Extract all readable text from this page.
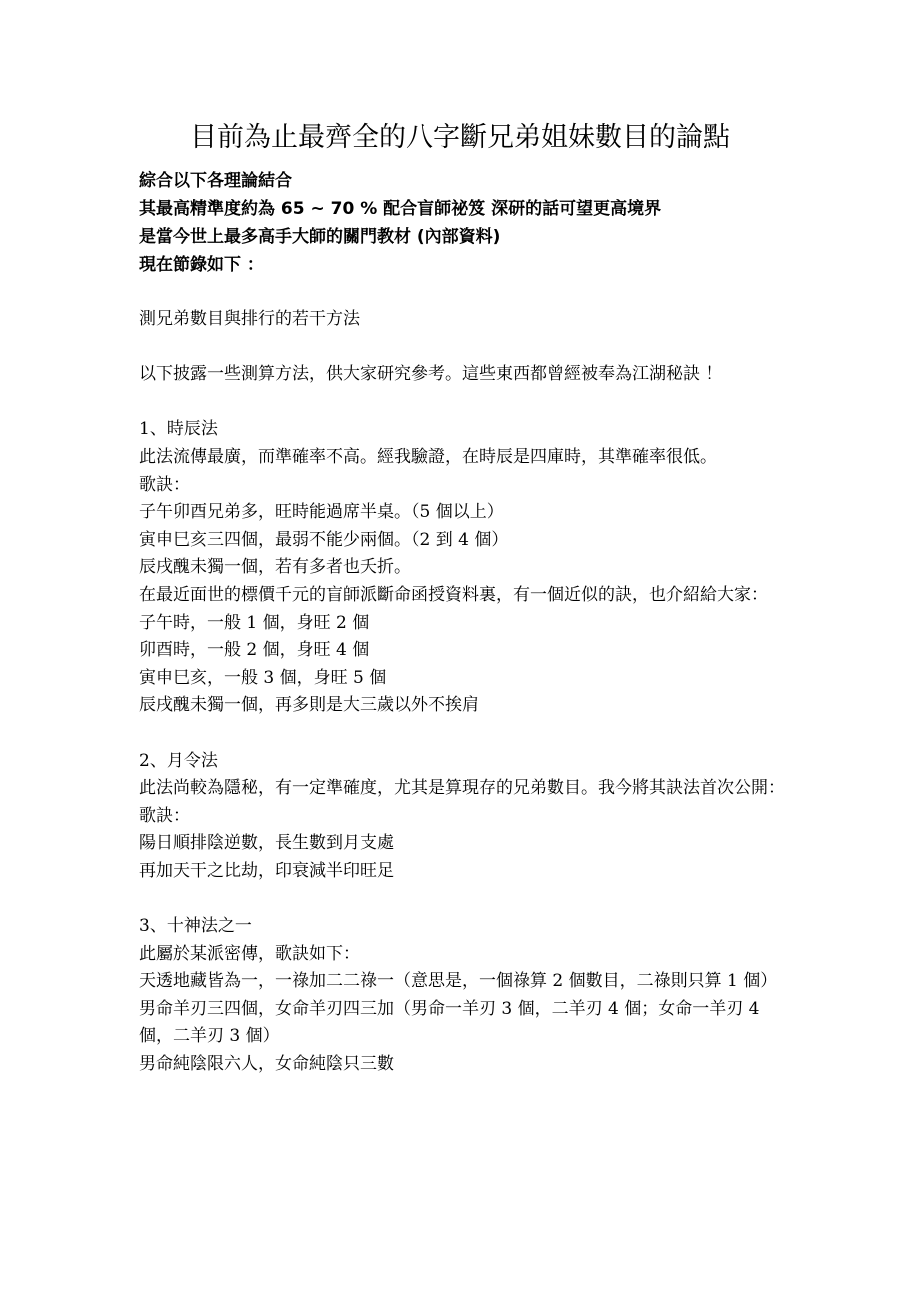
目前為止最齊全的八字斷兄弟姐妹數目的論點
綜合以下各理論結合
其最高精準度約為 65 ~ 70 % 配合盲師祕笈 深研的話可望更高境界
是當今世上最多高手大師的關門教材 (內部資料)
現在節錄如下 ：

測兄弟數目與排行的若干方法

以下披露一些測算方法，供大家研究參考。這些東西都曾經被奉為江湖秘訣 ！

1、時辰法

此法流傳最廣，而準確率不高。經我驗證，在時辰是四庫時，其準確率很低。

歌訣：

子午卯酉兄弟多，旺時能過席半桌。（5 個以上）

寅申巳亥三四個，最弱不能少兩個。（2 到 4 個）

辰戌醜未獨一個，若有多者也夭折。

在最近面世的標價千元的盲師派斷命函授資料裏，有一個近似的訣，也介紹給大家：

子午時，一般 1 個，身旺 2 個

卯酉時，一般 2 個，身旺 4 個

寅申巳亥，一般 3 個，身旺 5 個

辰戌醜未獨一個，再多則是大三歲以外不挨肩

2、月令法

此法尚較為隱秘，有一定準確度，尤其是算現存的兄弟數目。我今將其訣法首次公開：

歌訣：

陽日順排陰逆數，長生數到月支處

再加天干之比劫，印衰減半印旺足

3、十神法之一

此屬於某派密傳，歌訣如下：

天透地藏皆為一，一祿加二二祿一（意思是，一個祿算 2 個數目，二祿則只算 1 個）

男命羊刃三四個，女命羊刃四三加（男命一羊刃 3 個，二羊刃 4 個；女命一羊刃 4 個，二羊刃 3 個）

男命純陰限六人，女命純陰只三數
